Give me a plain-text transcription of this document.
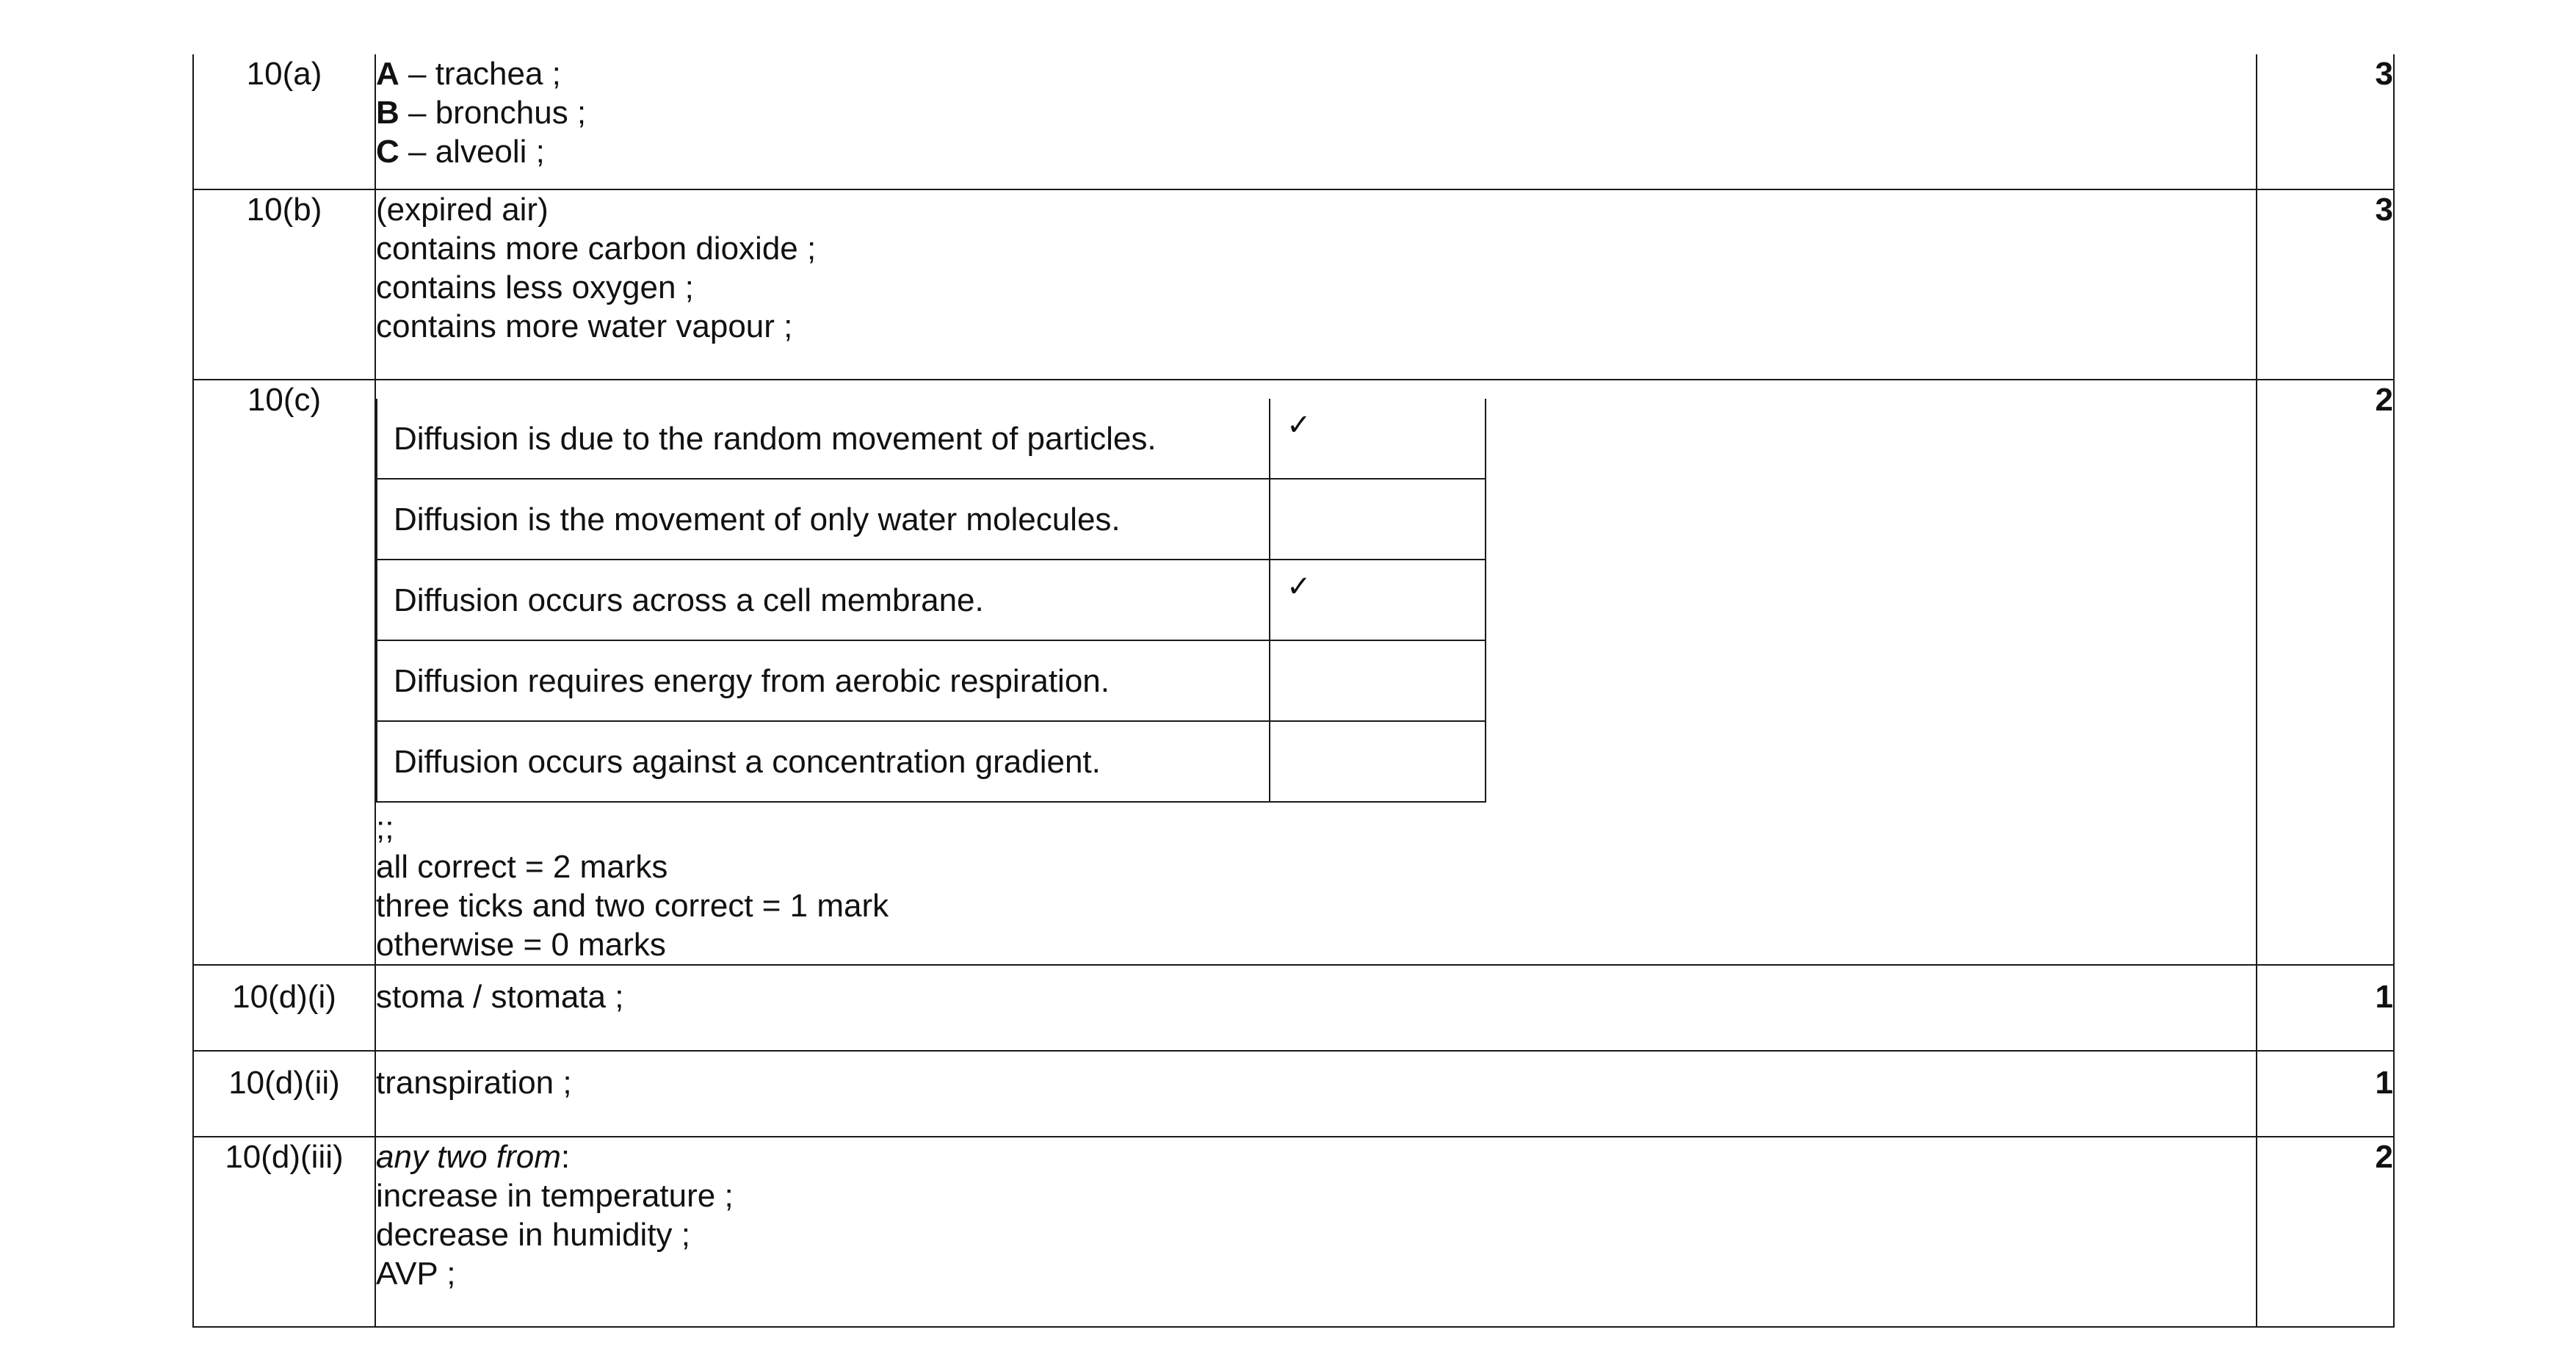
10(a)	A – trachea ;
B – bronchus ;
C – alveoli ;
	3
10(b)	(expired air)
contains more carbon dioxide ;
contains less oxygen ;
contains more water vapour ;
	3
10(c)	
Diffusion is due to the random movement of particles.	✓
Diffusion is the movement of only water molecules.	
Diffusion occurs across a cell membrane.	✓
Diffusion requires energy from aerobic respiration.	
Diffusion occurs against a concentration gradient.	
;;
all correct = 2 marks
three ticks and two correct = 1 mark
otherwise = 0 marks
	2
10(d)(i)	stoma / stomata ;	1
10(d)(ii)	transpiration ;	1
10(d)(iii)	any two from:
increase in temperature ;
decrease in humidity ;
AVP ;
	2
